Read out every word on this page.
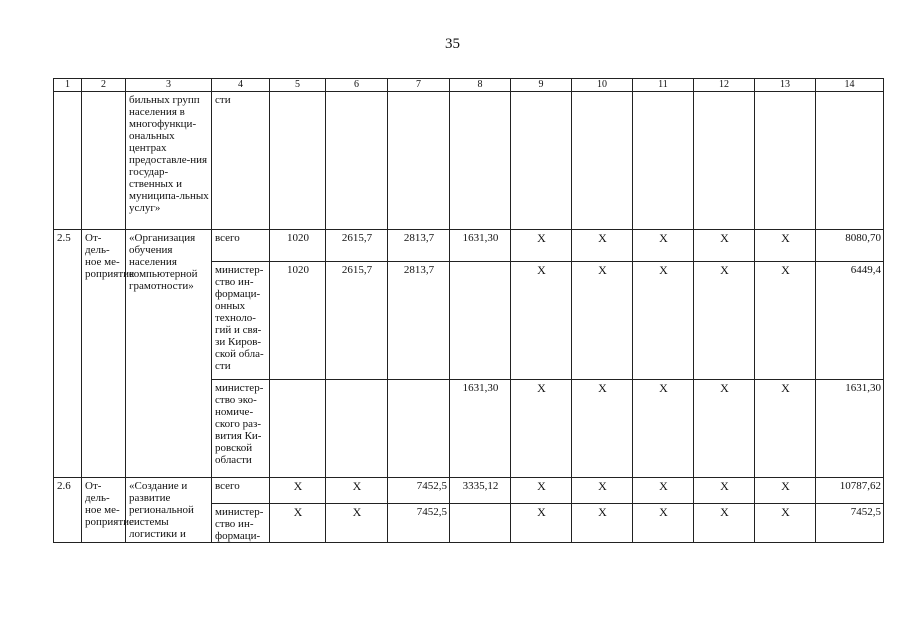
35
1	2	3	4	5	6	7	8	9	10	11	12	13	14
		бильных групп населения в многофункци-ональных центрах предоставле-ния государ-ственных и муниципа-льных услуг»	сти										
2.5	От-дель-ное ме-роприятие	«Организация обучения населения компьютерной грамотности»	всего	1020	2615,7	2813,7	1631,30	X	X	X	X	X	8080,70
			министер-ство ин-формаци-онных техноло-гий и свя-зи Киров-ской обла-сти	1020	2615,7	2813,7		X	X	X	X	X	6449,4
			министер-ство эко-номиче-ского раз-вития Ки-ровской области				1631,30	X	X	X	X	X	1631,30
2.6	От-дель-ное ме-роприятие	«Создание и развитие региональной системы логистики и	всего	X	X	7452,5	3335,12	X	X	X	X	X	10787,62
			министер-ство ин-формаци-	X	X	7452,5		X	X	X	X	X	7452,5
